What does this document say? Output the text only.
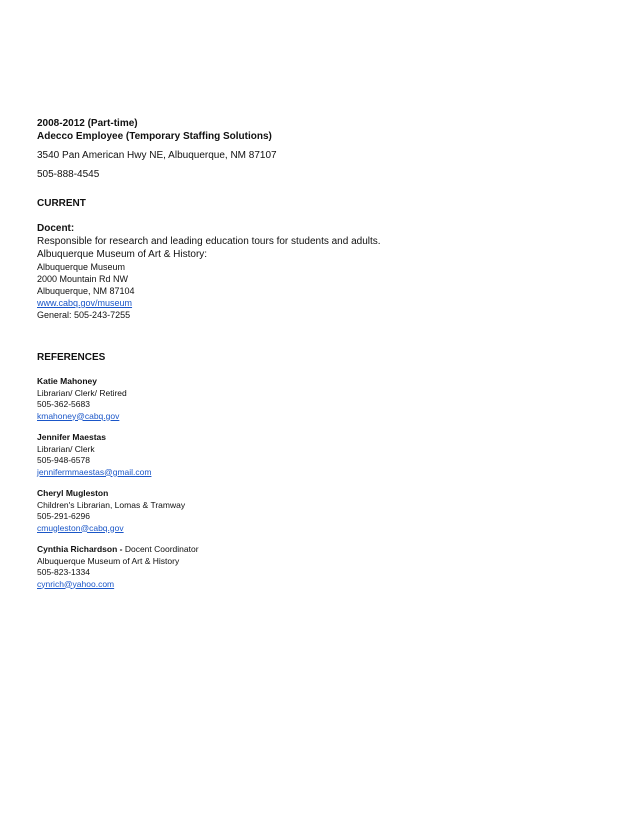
2008-2012 (Part-time)
Adecco Employee (Temporary Staffing Solutions)
3540 Pan American Hwy NE, Albuquerque, NM 87107
505-888-4545
CURRENT
Docent:
Responsible for research and leading education tours for students and adults.
Albuquerque Museum of Art & History:
Albuquerque Museum
2000 Mountain Rd NW
Albuquerque, NM 87104
www.cabq.gov/museum
General: 505-243-7255
REFERENCES
Katie Mahoney
Librarian/ Clerk/ Retired
505-362-5683
kmahoney@cabq.gov
Jennifer Maestas
Librarian/ Clerk
505-948-6578
jennifermmaestas@gmail.com
Cheryl Mugleston
Children's Librarian, Lomas & Tramway
505-291-6296
cmugleston@cabq.gov
Cynthia Richardson - Docent Coordinator
Albuquerque Museum of Art & History
505-823-1334
cynrich@yahoo.com
